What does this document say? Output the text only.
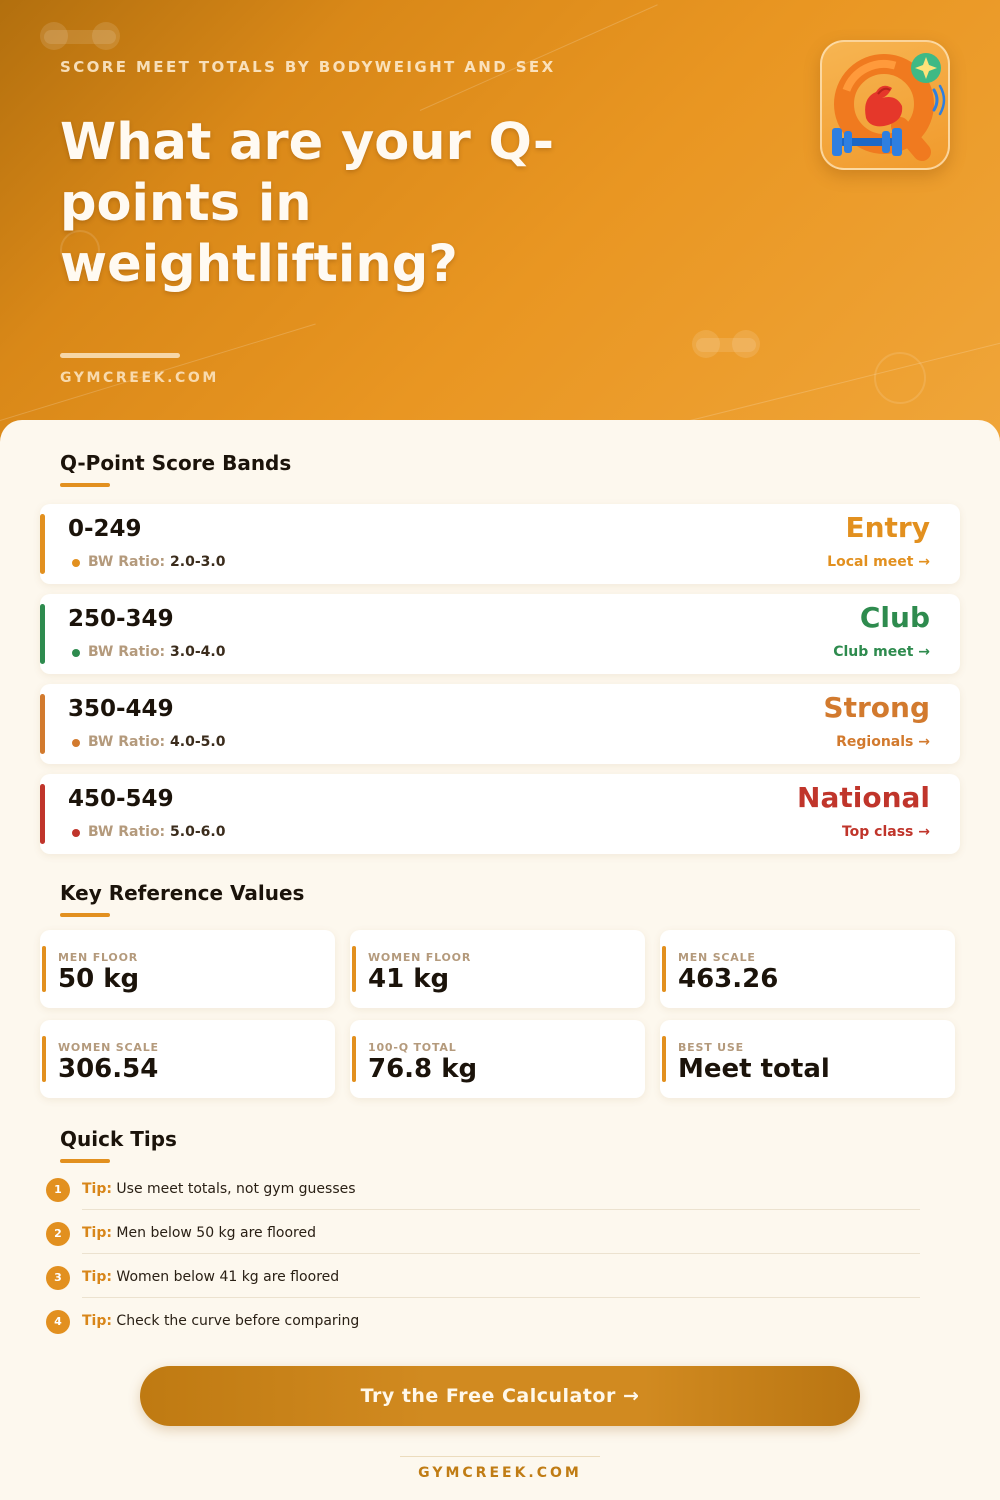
SCORE MEET TOTALS BY BODYWEIGHT AND SEX
What are your Q-points in weightlifting?
GYMCREEK.COM
Q-Point Score Bands
0-249
BW Ratio: 2.0-3.0
Entry
Local meet →
250-349
BW Ratio: 3.0-4.0
Club
Club meet →
350-449
BW Ratio: 4.0-5.0
Strong
Regionals →
450-549
BW Ratio: 5.0-6.0
National
Top class →
Key Reference Values
MEN FLOOR
50 kg
WOMEN FLOOR
41 kg
MEN SCALE
463.26
WOMEN SCALE
306.54
100-Q TOTAL
76.8 kg
BEST USE
Meet total
Quick Tips
1	Tip: Use meet totals, not gym guesses
2	Tip: Men below 50 kg are floored
3	Tip: Women below 41 kg are floored
4	Tip: Check the curve before comparing
Try the Free Calculator →
GYMCREEK.COM
